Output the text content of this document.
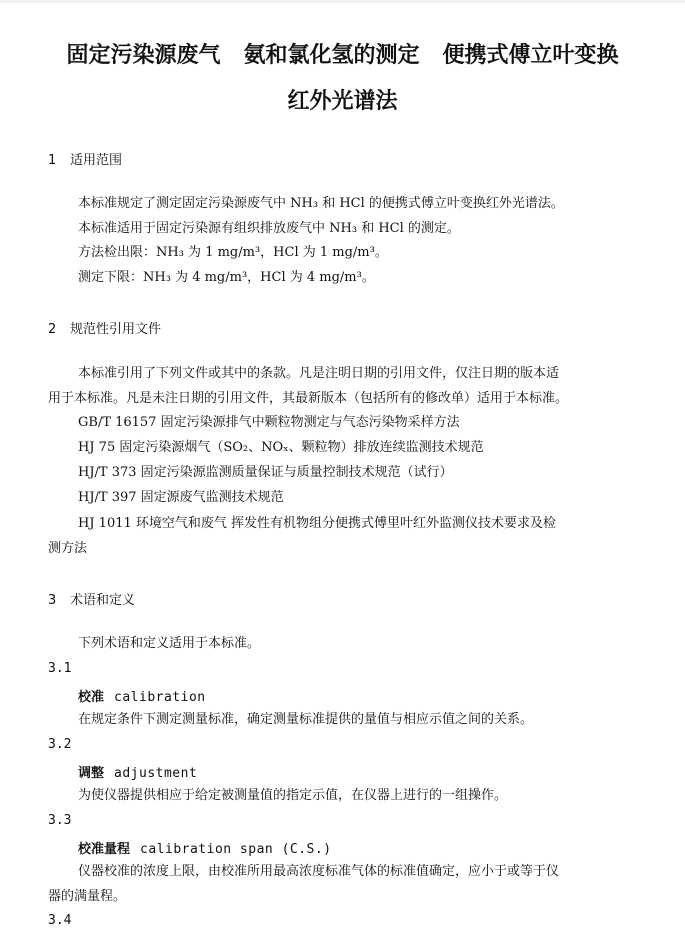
固定污染源废气   氨和氯化氢的测定   便携式傅立叶变换
红外光谱法
1 适用范围
本标准规定了测定固定污染源废气中 NH₃ 和 HCl 的便携式傅立叶变换红外光谱法。
本标准适用于固定污染源有组织排放废气中 NH₃ 和 HCl 的测定。
方法检出限：NH₃ 为 1 mg/m³，HCl 为 1 mg/m³。
测定下限：NH₃ 为 4 mg/m³，HCl 为 4 mg/m³。
2 规范性引用文件
本标准引用了下列文件或其中的条款。凡是注明日期的引用文件，仅注日期的版本适
用于本标准。凡是未注日期的引用文件，其最新版本（包括所有的修改单）适用于本标准。
GB/T 16157 固定污染源排气中颗粒物测定与气态污染物采样方法
HJ 75 固定污染源烟气（SO₂、NOₓ、颗粒物）排放连续监测技术规范
HJ/T 373 固定污染源监测质量保证与质量控制技术规范（试行）
HJ/T 397 固定源废气监测技术规范
HJ 1011 环境空气和废气 挥发性有机物组分便携式傅里叶红外监测仪技术要求及检
测方法
3 术语和定义
下列术语和定义适用于本标准。
3.1
校准 calibration
在规定条件下测定测量标准，确定测量标准提供的量值与相应示值之间的关系。
3.2
调整 adjustment
为使仪器提供相应于给定被测量值的指定示值，在仪器上进行的一组操作。
3.3
校准量程 calibration span (C.S.)
仪器校准的浓度上限，由校准所用最高浓度标准气体的标准值确定，应小于或等于仪
器的满量程。
3.4
